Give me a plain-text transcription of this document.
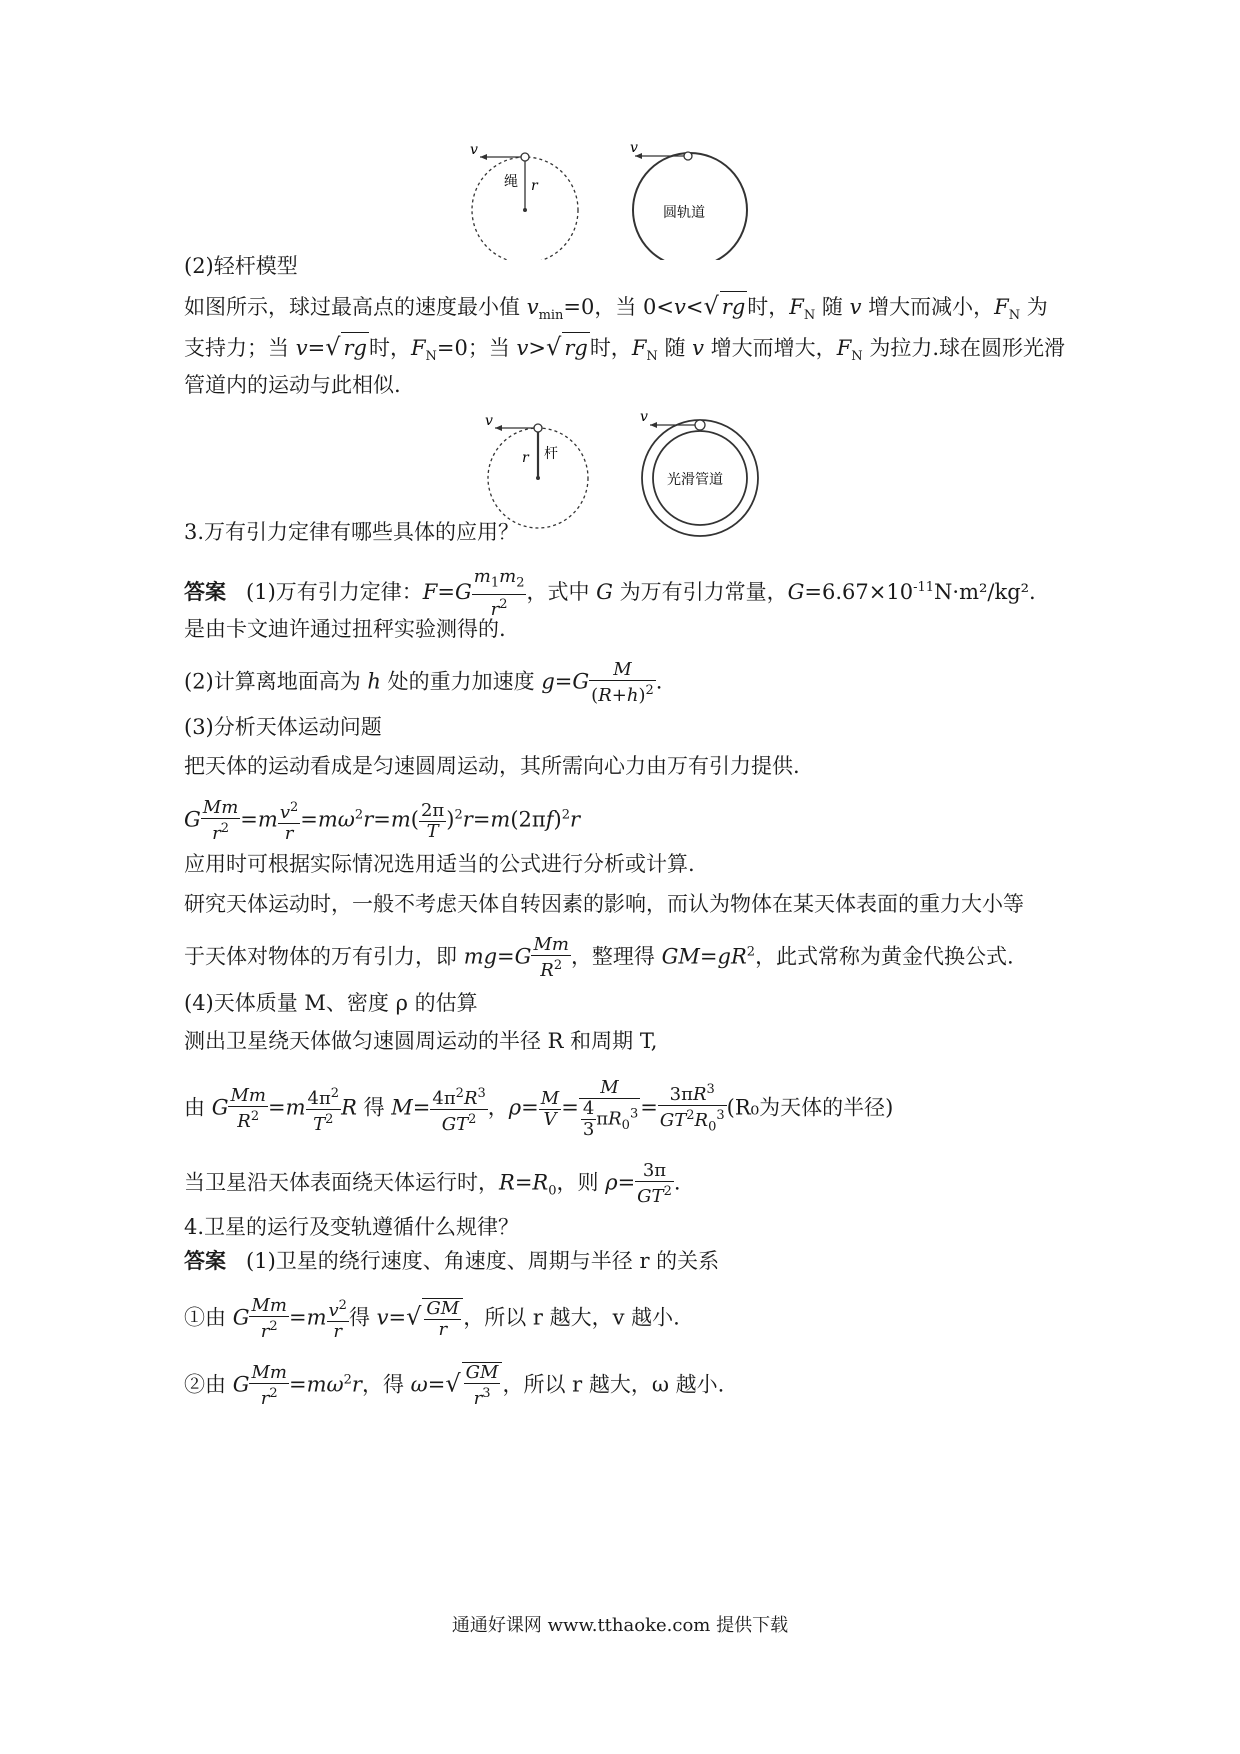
v
r
绳
v
圆轨道
(2)轻杆模型
如图所示，球过最高点的速度最小值 $v_{min}=0$，当 0<v<√ rg时，$F_N$ 随 v 增大而减小，$F_N$ 为
支持力；当 v=√ rg时，$F_N=0$；当 v>√ rg时，$F_N$ 随 v 增大而增大，$F_N$ 为拉力.球在圆形光滑
管道内的运动与此相似.
v
r 杆
v
光滑管道
3.万有引力定律有哪些具体的应用？
答案 (1)万有引力定律：$F=G \frac{m_1m_2}{r^2}$ ，式中 G 为万有引力常量，$G=6.67\times 10^{-11}N\cdot m^2$/kg².
是由卡文迪许通过扭秤实验测得的.
(2)计算离地面高为 h 处的重力加速度 $g=G \frac{M}{(R+h)^2}$ .
(3)分析天体运动问题
把天体的运动看成是匀速圆周运动，其所需向心力由万有引力提供.
G $\frac{Mm}{r^2} =m \frac{v^2}{r} =m\omega^2r=m( \frac{2\pi}{T} )^2r=m(2\pi f)^2r$
应用时可根据实际情况选用适当的公式进行分析或计算.
研究天体运动时，一般不考虑天体自转因素的影响，而认为物体在某天体表面的重力大小等
于天体对物体的万有引力，即 $mg=G \frac{Mm}{R^2}$ ，整理得 $GM=gR^2$，此式常称为黄金代换公式.
(4)天体质量 M、密度 ρ 的估算
测出卫星绕天体做匀速圆周运动的半径 R 和周期 T,
由 G $\frac{Mm}{R^2} =m \frac{4\pi^2}{T^2}$ R 得 $M= \frac{4\pi^2R^3}{GT^2}$ ，$\rho= \frac{M}{V} = \frac{M}{\frac{4}{3} \pi R_0^3} = \frac{3\pi R^3}{GT^2R_0^3} (R_0$为天体的半径)
当卫星沿天体表面绕天体运行时，$R=R_0$，则 $\rho= \frac{3\pi}{GT^2}$ .
4.卫星的运行及变轨遵循什么规律？
答案 (1)卫星的绕行速度、角速度、周期与半径 r 的关系
①由 G $\frac{Mm}{r^2} =m \frac{v^2}{r}$ 得 $v=√ \frac{GM}{r}$ ，所以 r 越大，v 越小.
②由 G $\frac{Mm}{r^2} =m\omega^2r$，得 $\omega=√ \frac{GM}{r^3}$ ，所以 r 越大，ω 越小.
通通好课网 www.tthaoke.com 提供下载
